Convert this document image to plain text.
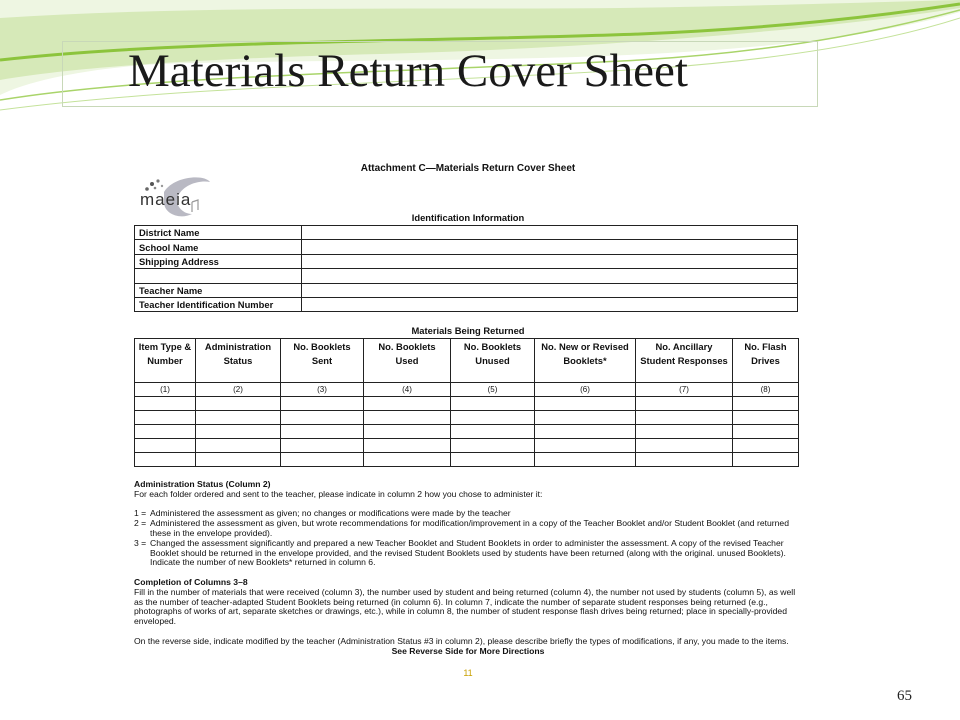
Materials Return Cover Sheet
Attachment C—Materials Return Cover Sheet
maeia
Identification Information
District Name	
School Name	
Shipping Address	

Teacher Name	
Teacher Identification Number	
Materials Being Returned
Item Type & Number	Administration Status	No. Booklets Sent	No. Booklets Used	No. Booklets Unused	No. New or Revised Booklets*	No. Ancillary Student Responses	No. Flash Drives
(1)	(2)	(3)	(4)	(5)	(6)	(7)	(8)

Administration Status (Column 2)

For each folder ordered and sent to the teacher, please indicate in column 2 how you chose to administer it:

1 = Administered the assessment as given; no changes or modifications were made by the teacher
2 = Administered the assessment as given, but wrote recommendations for modification/improvement in a copy of the Teacher Booklet and/or Student Booklet (and returned these in the envelope provided).
3 = Changed the assessment significantly and prepared a new Teacher Booklet and Student Booklets in order to administer the assessment. A copy of the revised Teacher Booklet should be returned in the envelope provided, and the revised Student Booklets used by students have been returned (along with the original. unused Booklets). Indicate the number of new Booklets* returned in column 6.

Completion of Columns 3–8

Fill in the number of materials that were received (column 3), the number used by student and being returned (column 4), the number not used by students (column 5), as well as the number of teacher-adapted Student Booklets being returned (in column 6). In column 7, indicate the number of separate student responses being returned (e.g., photographs of works of art, separate sketches or drawings, etc.), while in column 8, the number of student response flash drives being returned; place in specially-provided enveloped.

On the reverse side, indicate modified by the teacher (Administration Status #3 in column 2), please describe briefly the types of modifications, if any, you made to the items.

See Reverse Side for More Directions

11
65
